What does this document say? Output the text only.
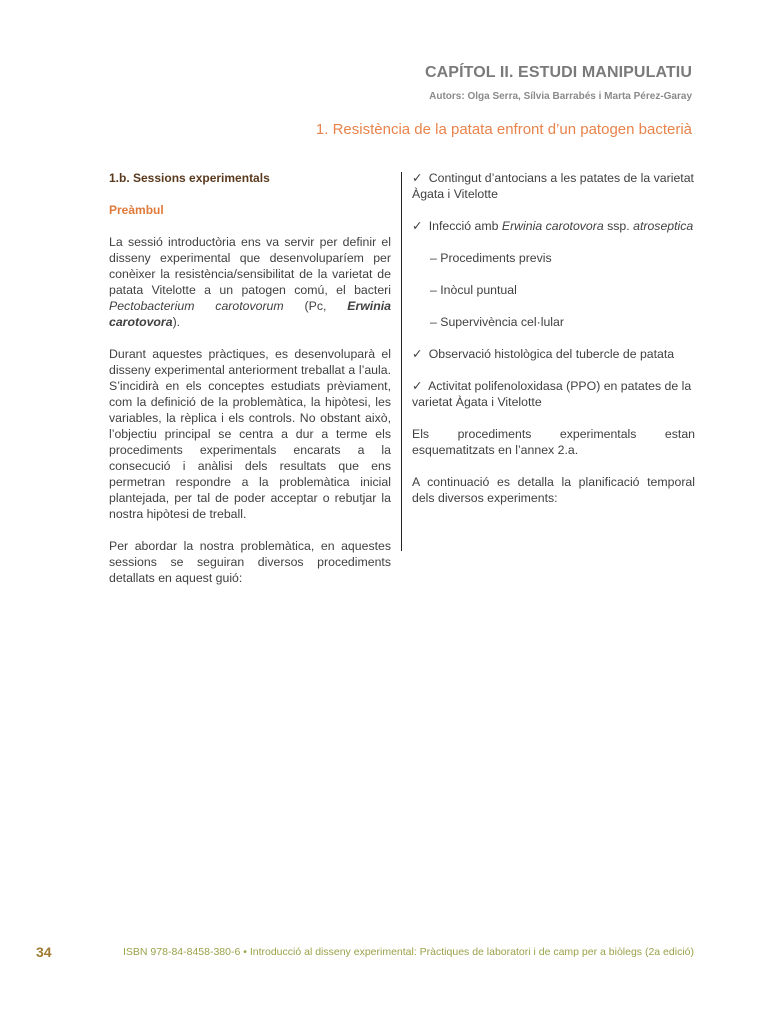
CAPÍTOL II. ESTUDI MANIPULATIU
Autors: Olga Serra, Sílvia Barrabés i Marta Pérez-Garay
1. Resistència de la patata enfront d’un patogen bacterià
1.b. Sessions experimentals
Preàmbul

La sessió introductòria ens va servir per definir el disseny experimental que desenvoluparíem per conèixer la resistència/sensibilitat de la varietat de patata Vitelotte a un patogen comú, el bacteri Pectobacterium carotovorum (Pc, Erwinia carotovora).

Durant aquestes pràctiques, es desenvoluparà el disseny experimental anteriorment treballat a l’aula. S’incidirà en els conceptes estudiats prèviament, com la definició de la problemàtica, la hipòtesi, les variables, la rèplica i els controls. No obstant això, l’objectiu principal se centra a dur a terme els procediments experimentals encarats a la consecució i anàlisi dels resultats que ens permetran respondre a la problemàtica inicial plantejada, per tal de poder acceptar o rebutjar la nostra hipòtesi de treball.

Per abordar la nostra problemàtica, en aquestes sessions se seguiran diversos procediments detallats en aquest guió:

✓ Contingut d’antocians a les patates de la varietat Àgata i Vitelotte
✓ Infecció amb Erwinia carotovora ssp. atroseptica
– Procediments previs
– Inòcul puntual
– Supervivència cel·lular
✓ Observació histològica del tubercle de patata
✓ Activitat polifenoloxidasa (PPO) en patates de la varietat Àgata i Vitelotte

Els procediments experimentals estan esquematitzats en l’annex 2.a.

A continuació es detalla la planificació temporal dels diversos experiments:

34	ISBN 978-84-8458-380-6 • Introducció al disseny experimental: Pràctiques de laboratori i de camp per a biòlegs (2a edició)
